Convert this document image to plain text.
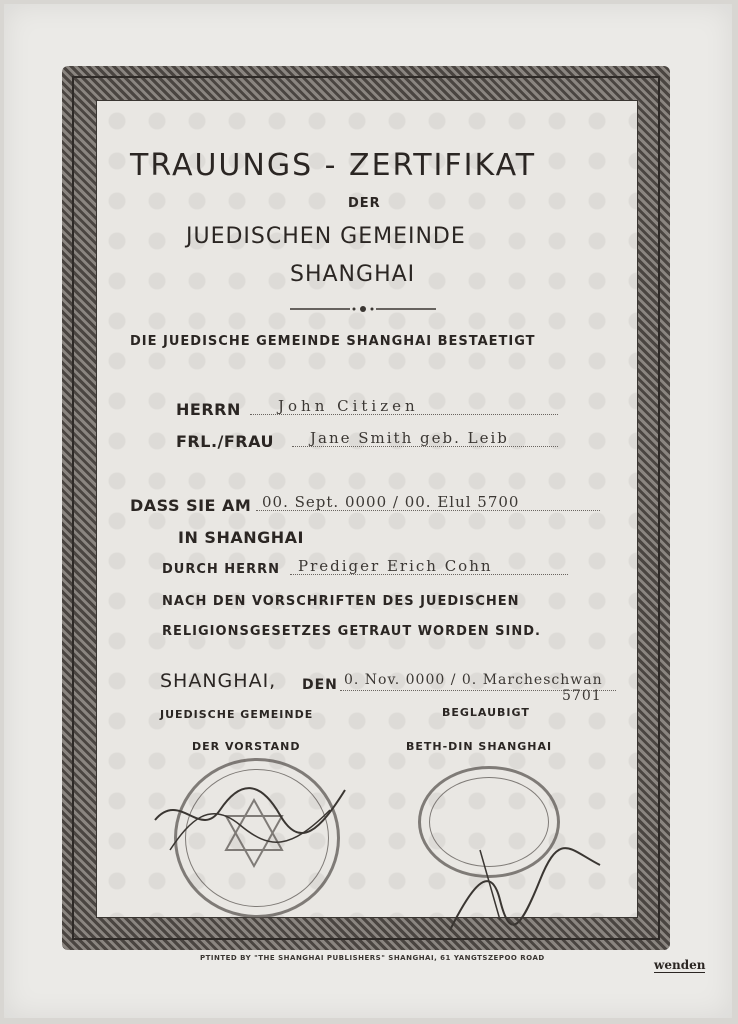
TRAUUNGS - ZERTIFIKAT
DER
JUEDISCHEN GEMEINDE
SHANGHAI
DIE JUEDISCHE GEMEINDE SHANGHAI BESTAETIGT
HERRN John Citizen
FRL./FRAU Jane Smith geb. Leib
DASS SIE AM 00. Sept. 0000 / 00. Elul 5700
IN SHANGHAI
DURCH HERRN Prediger Erich Cohn
NACH DEN VORSCHRIFTEN DES JUEDISCHEN
RELIGIONSGESETZES GETRAUT WORDEN SIND.
SHANGHAI, DEN 0. Nov. 0000 / 0. Marcheschwan
5701
JUEDISCHE GEMEINDE
DER VORSTAND
BEGLAUBIGT
BETH-DIN SHANGHAI
PTINTED BY "THE SHANGHAI PUBLISHERS" SHANGHAI, 61 YANGTSZEPOO ROAD	wenden
